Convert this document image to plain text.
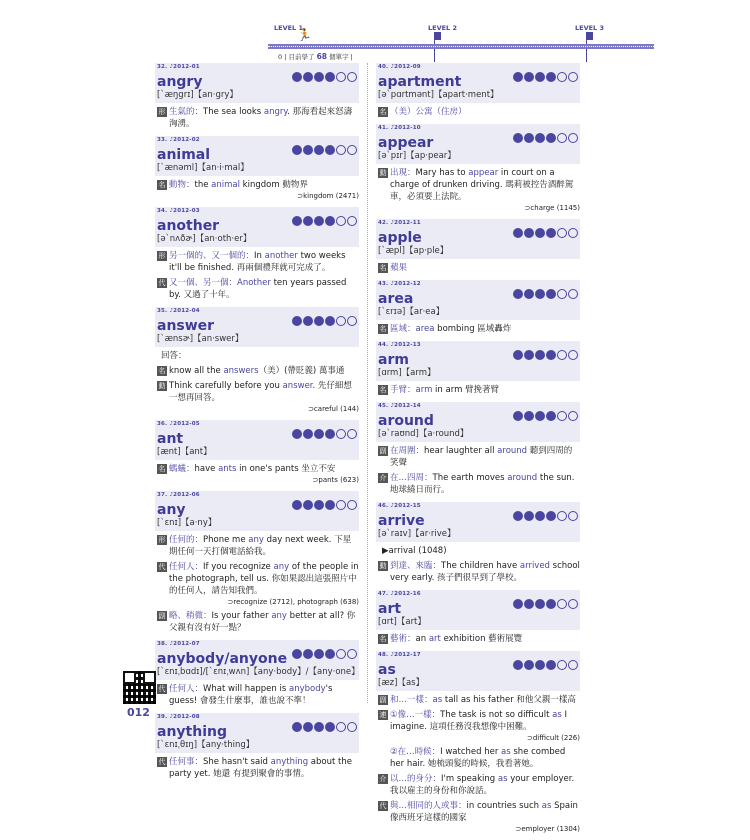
LEVEL 1
🏃	LEVEL 2	LEVEL 3
0 | 目前學了 68 個單字 |
32. ♪2012-01
angry
[ˋæŋgrɪ]【an·gry】
形 生氣的：The sea looks angry. 那海看起來怒濤洶湧。
33. ♪2012-02
animal
[ˋænəml]【an·i·mal】
名 動物：the animal kingdom 動物界
⊃kingdom (2471)
34. ♪2012-03
another
[əˋnʌðɚ]【an·oth·er】
形 另一個的、又一個的：In another two weeks it'll be finished. 再兩個禮拜就可完成了。
代 又一個、另一個：Another ten years passed by. 又過了十年。
35. ♪2012-04
answer
[ˋænsɚ]【an·swer】
回答：
名 know all the answers（美）(帶貶義) 萬事通
動 Think carefully before you answer. 先仔細想一想再回答。
⊃careful (144)
36. ♪2012-05
ant
[ænt]【ant】
名 螞蟻：have ants in one's pants 坐立不安
⊃pants (623)
37. ♪2012-06
any
[ˋɛnɪ]【a·ny】
形 任何的：Phone me any day next week. 下星期任何一天打個電話給我。
代 任何人：If you recognize any of the people in the photograph, tell us. 你如果認出這張照片中的任何人，請告知我們。
⊃recognize (2712), photograph (638)
副 略、稍微：Is your father any better at all? 你父親有沒有好一點？
38. ♪2012-07
anybody/anyone
[ˋɛnɪˌbɑdɪ]/[ˋɛnɪˌwʌn]【any·body】/【any·one】
代 任何人：What will happen is anybody's guess! 會發生什麼事，誰也說不準！
39. ♪2012-08
anything
[ˋɛnɪˌθɪŋ]【any·thing】
代 任何事：She hasn't said anything about the party yet. 她還 有提到聚會的事情。
40. ♪2012-09
apartment
[əˋpɑrtmənt]【apart·ment】
名 （美）公寓（住房）
41. ♪2012-10
appear
[əˋpɪr]【ap·pear】
動 出現：Mary has to appear in court on a charge of drunken driving. 瑪莉被控告酒醉駕車，必須要上法院。
⊃charge (1145)
42. ♪2012-11
apple
[ˋæpl]【ap·ple】
名 蘋果
43. ♪2012-12
area
[ˋɛrɪə]【ar·ea】
名 區域：area bombing 區域轟炸
44. ♪2012-13
arm
[ɑrm]【arm】
名 手臂：arm in arm 臂挽著臂
45. ♪2012-14
around
[əˋraʊnd]【a·round】
副 在周圍：hear laughter all around 聽到四周的笑聲
介 在…四周：The earth moves around the sun. 地球繞日而行。
46. ♪2012-15
arrive
[əˋraɪv]【ar·rive】
▶arrival (1048)
動 到達、來臨：The children have arrived school very early. 孩子們很早到了學校。
47. ♪2012-16
art
[ɑrt]【art】
名 藝術：an art exhibition 藝術展覽
48. ♪2012-17
as
[æz]【as】
副 和…一樣：as tall as his father 和他父親一樣高
連 ①像…一樣：The task is not so difficult as I imagine. 這項任務沒我想像中困難。
⊃difficult (226)
②在…時候：I watched her as she combed her hair. 她梳頭髮的時候，我看著她。
介 以…的身分：I'm speaking as your employer. 我以雇主的身份和你說話。
代 與…相同的人或事：in countries such as Spain 像西班牙這樣的國家
⊃employer (1304)
012
